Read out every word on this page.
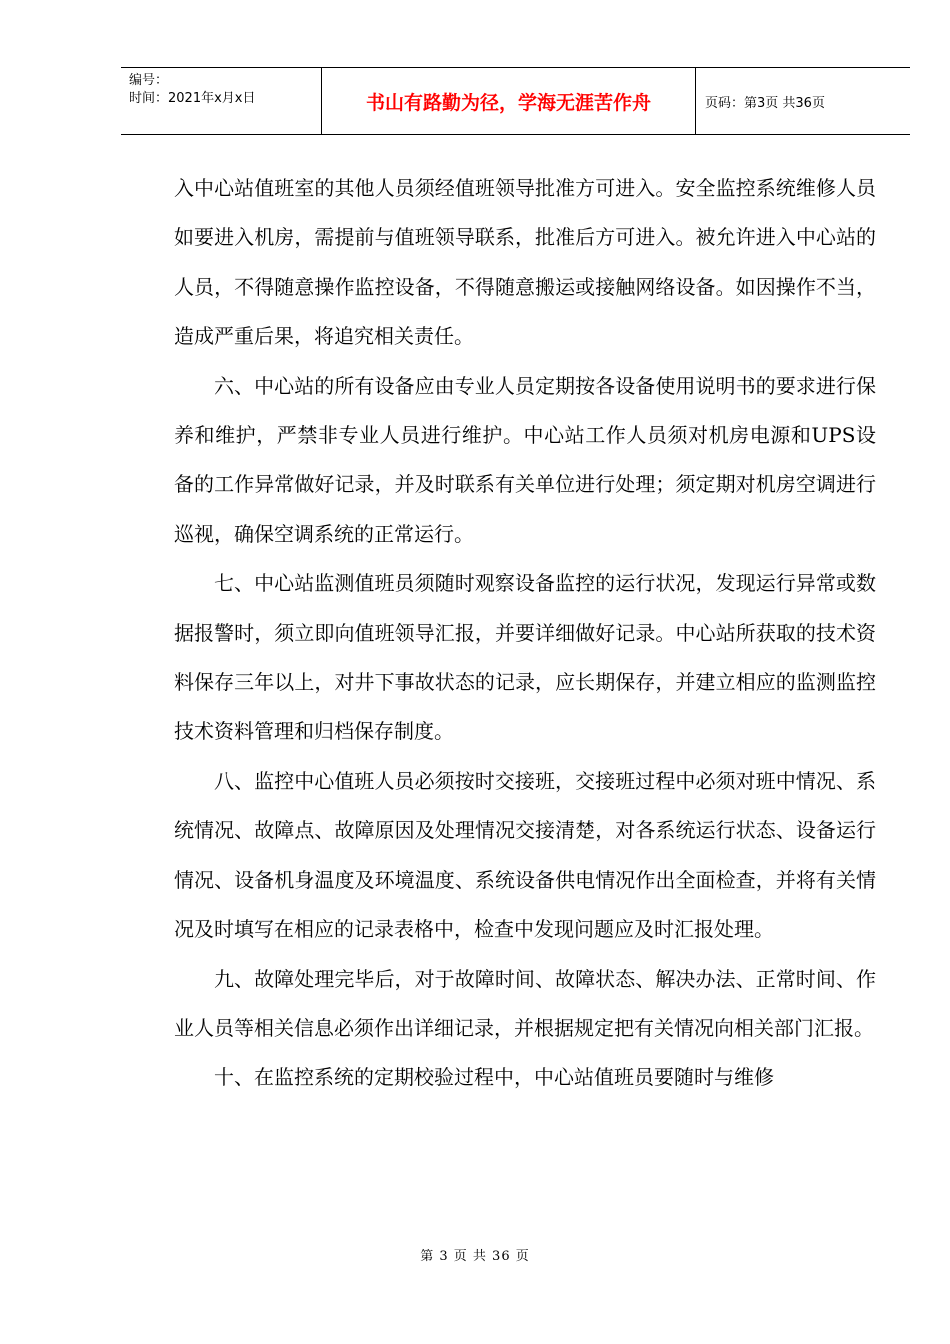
编号：
时间：2021年x月x日	书山有路勤为径，学海无涯苦作舟	页码：第3页 共36页

入中心站值班室的其他人员须经值班领导批准方可进入。安全监控系统维修人员如要进入机房，需提前与值班领导联系，批准后方可进入。被允许进入中心站的人员，不得随意操作监控设备，不得随意搬运或接触网络设备。如因操作不当，造成严重后果，将追究相关责任。

六、中心站的所有设备应由专业人员定期按各设备使用说明书的要求进行保养和维护，严禁非专业人员进行维护。中心站工作人员须对机房电源和UPS设备的工作异常做好记录，并及时联系有关单位进行处理；须定期对机房空调进行巡视，确保空调系统的正常运行。

七、中心站监测值班员须随时观察设备监控的运行状况，发现运行异常或数据报警时，须立即向值班领导汇报，并要详细做好记录。中心站所获取的技术资料保存三年以上，对井下事故状态的记录，应长期保存，并建立相应的监测监控技术资料管理和归档保存制度。

八、监控中心值班人员必须按时交接班，交接班过程中必须对班中情况、系统情况、故障点、故障原因及处理情况交接清楚，对各系统运行状态、设备运行情况、设备机身温度及环境温度、系统设备供电情况作出全面检查，并将有关情况及时填写在相应的记录表格中，检查中发现问题应及时汇报处理。

九、故障处理完毕后，对于故障时间、故障状态、解决办法、正常时间、作业人员等相关信息必须作出详细记录，并根据规定把有关情况向相关部门汇报。

十、在监控系统的定期校验过程中，中心站值班员要随时与维修

第 3 页 共 36 页
